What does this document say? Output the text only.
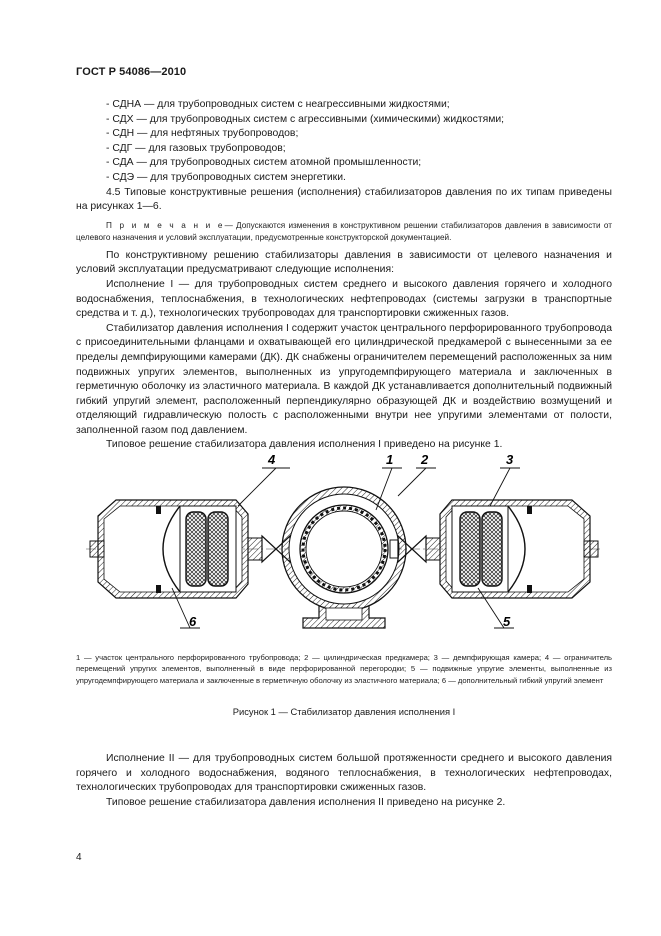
ГОСТ Р 54086—2010
- СДНА — для трубопроводных систем с неагрессивными жидкостями;
- СДХ — для трубопроводных систем с агрессивными (химическими) жидкостями;
- СДН — для нефтяных трубопроводов;
- СДГ — для газовых трубопроводов;
- СДА — для трубопроводных систем атомной промышленности;
- СДЭ — для трубопроводных систем энергетики.
4.5 Типовые конструктивные решения (исполнения) стабилизаторов давления по их типам приведены на рисунках 1—6.
П р и м е ч а н и е— Допускаются изменения в конструктивном решении стабилизаторов давления в зависимости от целевого назначения и условий эксплуатации, предусмотренные конструкторской документацией.
По конструктивному решению стабилизаторы давления в зависимости от целевого назначения и условий эксплуатации предусматривают следующие исполнения:
Исполнение I — для трубопроводных систем среднего и высокого давления горячего и холодного водоснабжения, теплоснабжения, в технологических нефтепроводах (системы загрузки в транспортные средства и т. д.), технологических трубопроводах для транспортировки сжиженных газов.
Стабилизатор давления исполнения I содержит участок центрального перфорированного трубопровода с присоединительными фланцами и охватывающей его цилиндрической предкамерой с вынесенными за ее пределы демпфирующими камерами (ДК). ДК снабжены ограничителем перемещений расположенных за ним подвижных упругих элементов, выполненных из упругодемпфирующего материала и заключенных в герметичную оболочку из эластичного материала. В каждой ДК устанавливается дополнительный подвижный гибкий упругий элемент, расположенный перпендикулярно образующей ДК и воздействию возмущений и отделяющий гидравлическую полость с расположенными внутри нее упругими элементами от полости, заполненной газом под давлением.
Типовое решение стабилизатора давления исполнения I приведено на рисунке 1.
4	1 2	3
5
6
1 — участок центрального перфорированного трубопровода; 2 — цилиндрическая предкамера; 3 — демпфирующая камера; 4 — ограничитель перемещений упругих элементов, выполненный в виде перфорированной перегородки; 5 — подвижные упругие элементы, выполненные из упругодемпфирующего материала и заключенные в герметичную оболочку из эластичного материала; 6 — дополнительный гибкий упругий элемент
Рисунок 1 — Стабилизатор давления исполнения I
Исполнение II — для трубопроводных систем большой протяженности среднего и высокого давления горячего и холодного водоснабжения, водяного теплоснабжения, в технологических нефтепроводах, технологических трубопроводах для транспортировки сжиженных газов.
Типовое решение стабилизатора давления исполнения II приведено на рисунке 2.
4
